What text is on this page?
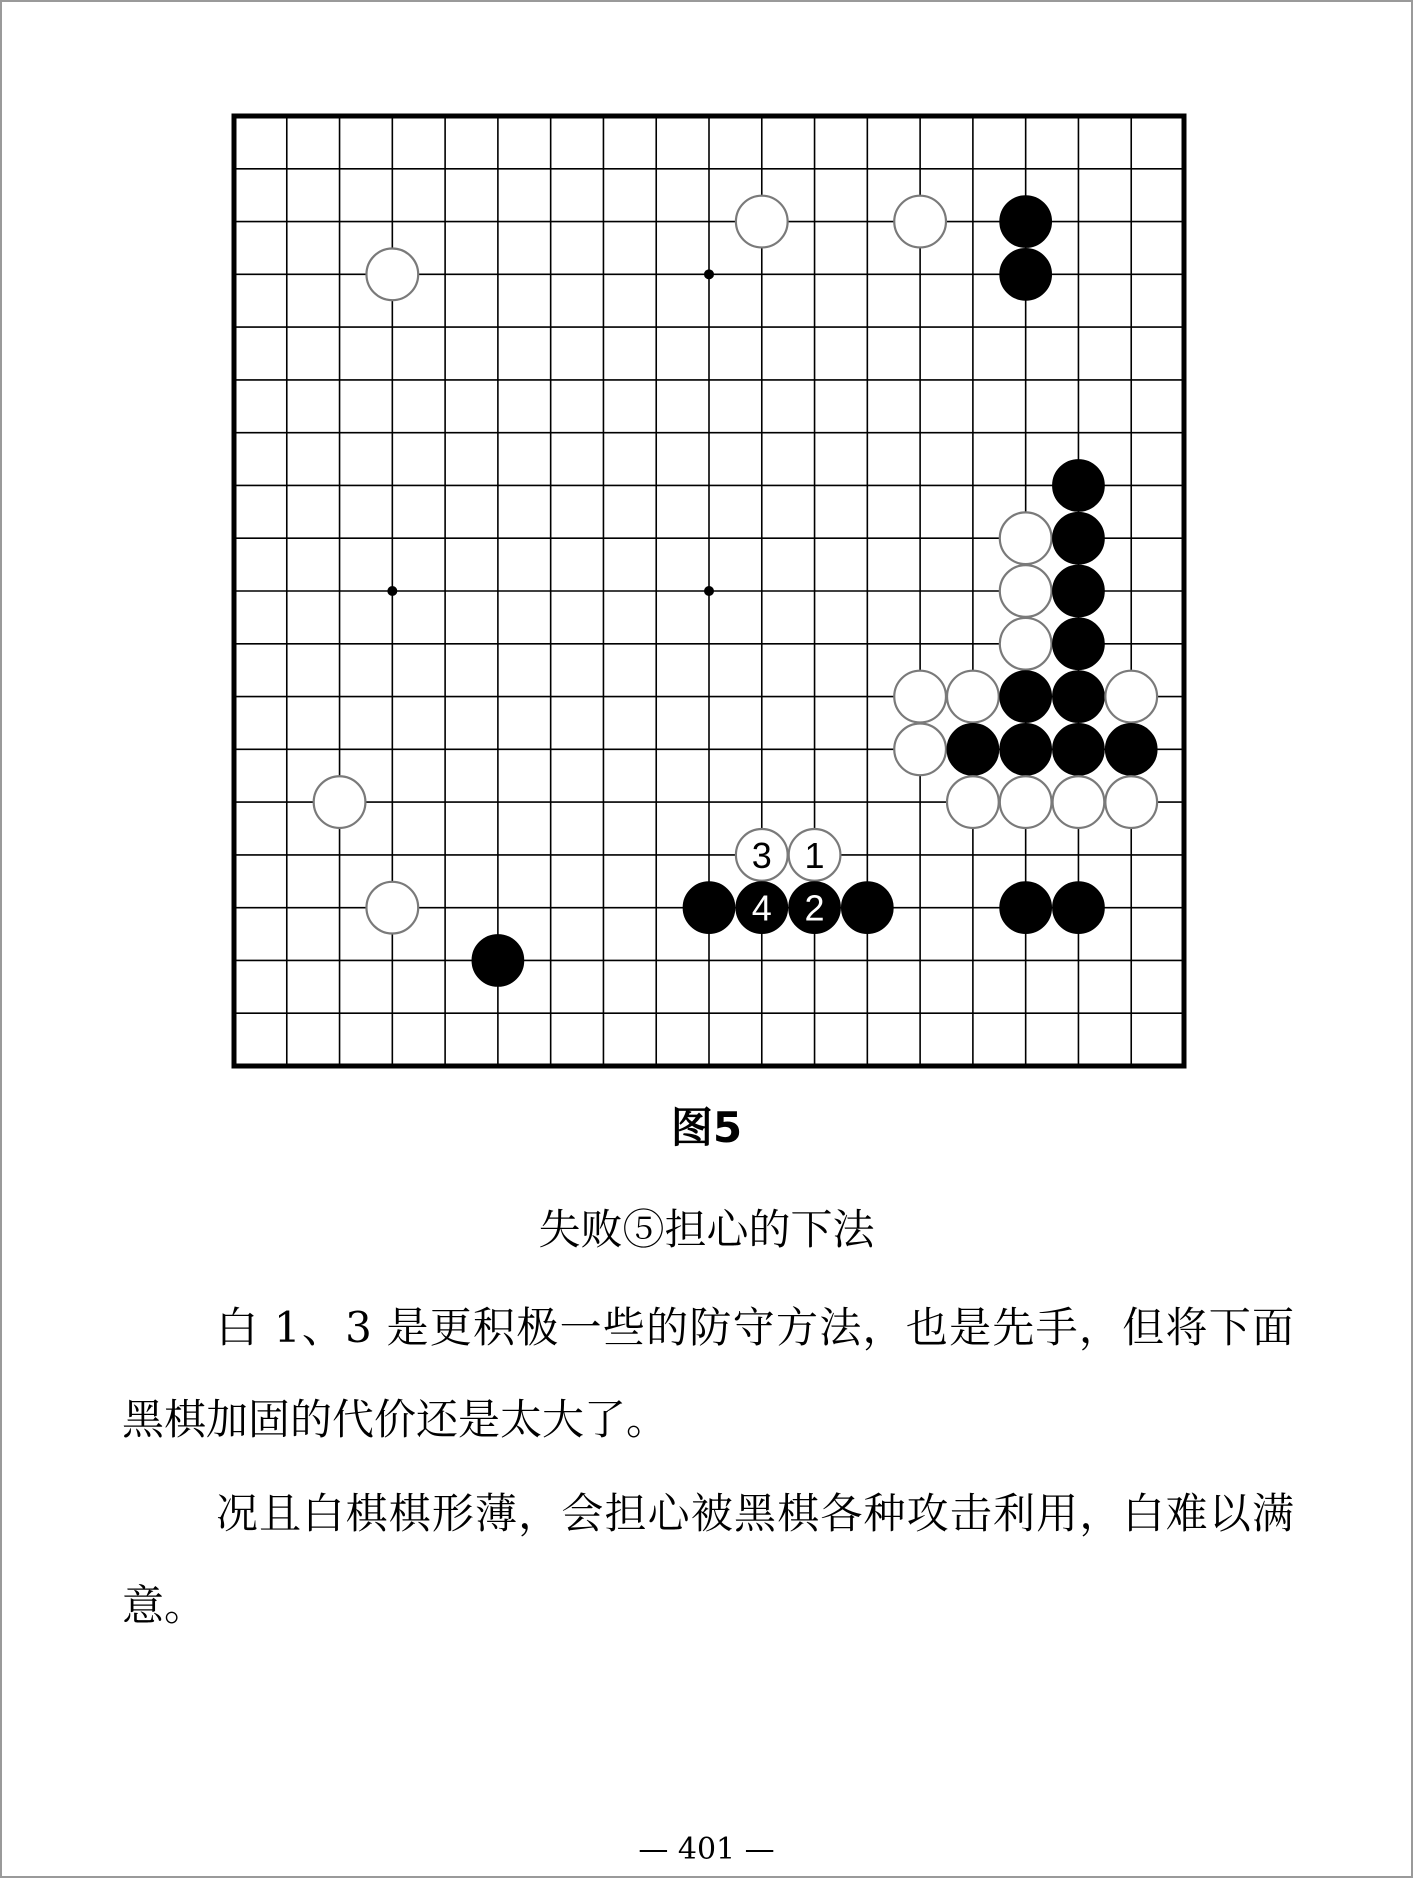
3 1
4 2
图5
失败⑤担心的下法

白 1、3 是更积极一些的防守方法，也是先手，但将下面黑棋加固的代价还是太大了。

况且白棋棋形薄，会担心被黑棋各种攻击利用，白难以满意。

— 401 —
